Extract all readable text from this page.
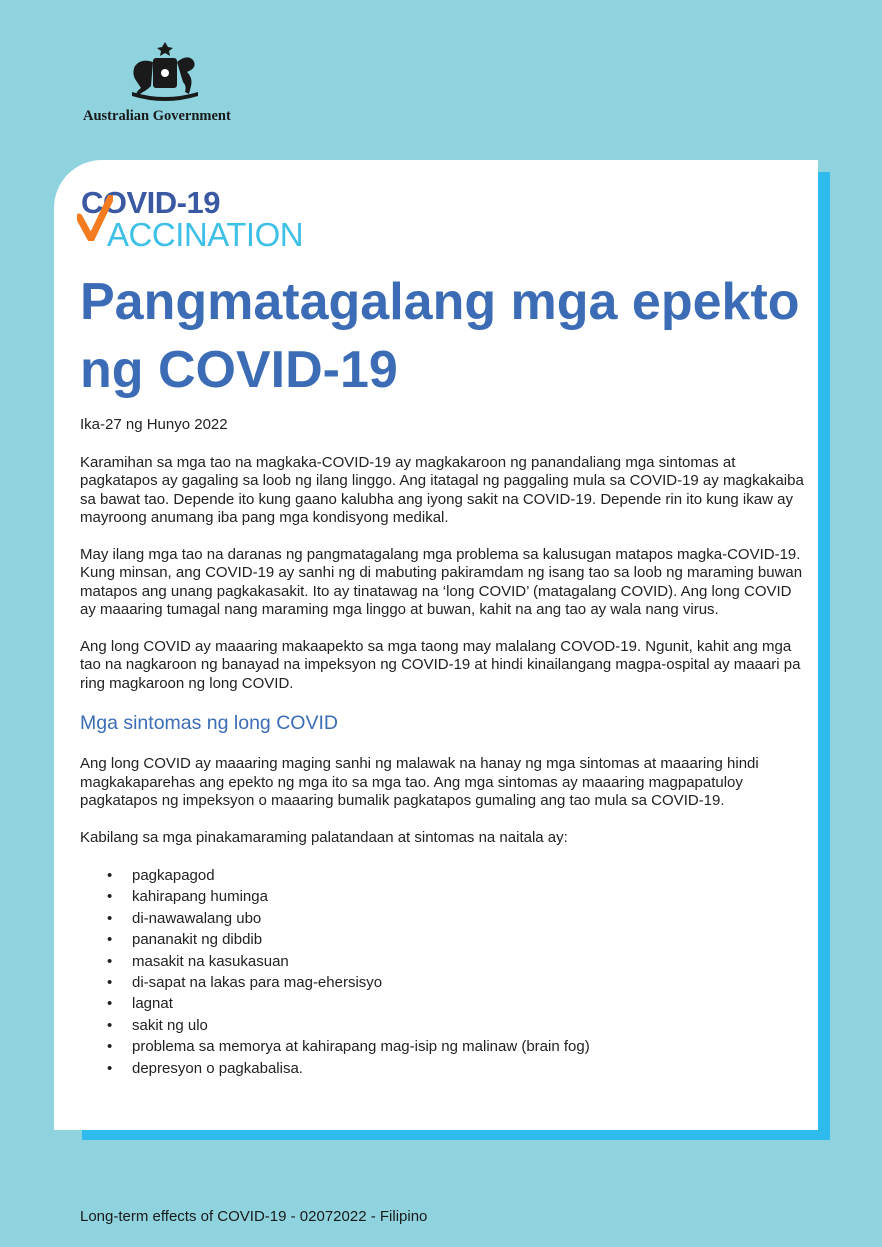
Australian Government
COVID-19
ACCINATION
Pangmatagalang mga epekto ng COVID-19

Ika-27 ng Hunyo 2022

Karamihan sa mga tao na magkaka-COVID-19 ay magkakaroon ng panandaliang mga sintomas at pagkatapos ay gagaling sa loob ng ilang linggo. Ang itatagal ng paggaling mula sa COVID-19 ay magkakaiba sa bawat tao. Depende ito kung gaano kalubha ang iyong sakit na COVID-19. Depende rin ito kung ikaw ay mayroong anumang iba pang mga kondisyong medikal.

May ilang mga tao na daranas ng pangmatagalang mga problema sa kalusugan matapos magka-COVID-19. Kung minsan, ang COVID-19 ay sanhi ng di mabuting pakiramdam ng isang tao sa loob ng maraming buwan matapos ang unang pagkakasakit. Ito ay tinatawag na ‘long COVID’ (matagalang COVID). Ang long COVID ay maaaring tumagal nang maraming mga linggo at buwan, kahit na ang tao ay wala nang virus.

Ang long COVID ay maaaring makaapekto sa mga taong may malalang COVOD-19. Ngunit, kahit ang mga tao na nagkaroon ng banayad na impeksyon ng COVID-19 at hindi kinailangang magpa-ospital ay maaari pa ring magkaroon ng long COVID.

Mga sintomas ng long COVID

Ang long COVID ay maaaring maging sanhi ng malawak na hanay ng mga sintomas at maaaring hindi magkakaparehas ang epekto ng mga ito sa mga tao. Ang mga sintomas ay maaaring magpapatuloy pagkatapos ng impeksyon o maaaring bumalik pagkatapos gumaling ang tao mula sa COVID-19.

Kabilang sa mga pinakamaraming palatandaan at sintomas na naitala ay:

• pagkapagod
• kahirapang huminga
• di-nawawalang ubo
• pananakit ng dibdib
• masakit na kasukasuan
• di-sapat na lakas para mag-ehersisyo
• lagnat
• sakit ng ulo
• problema sa memorya at kahirapang mag-isip ng malinaw (brain fog)
• depresyon o pagkabalisa.
Long-term effects of COVID-19 - 02072022 - Filipino
